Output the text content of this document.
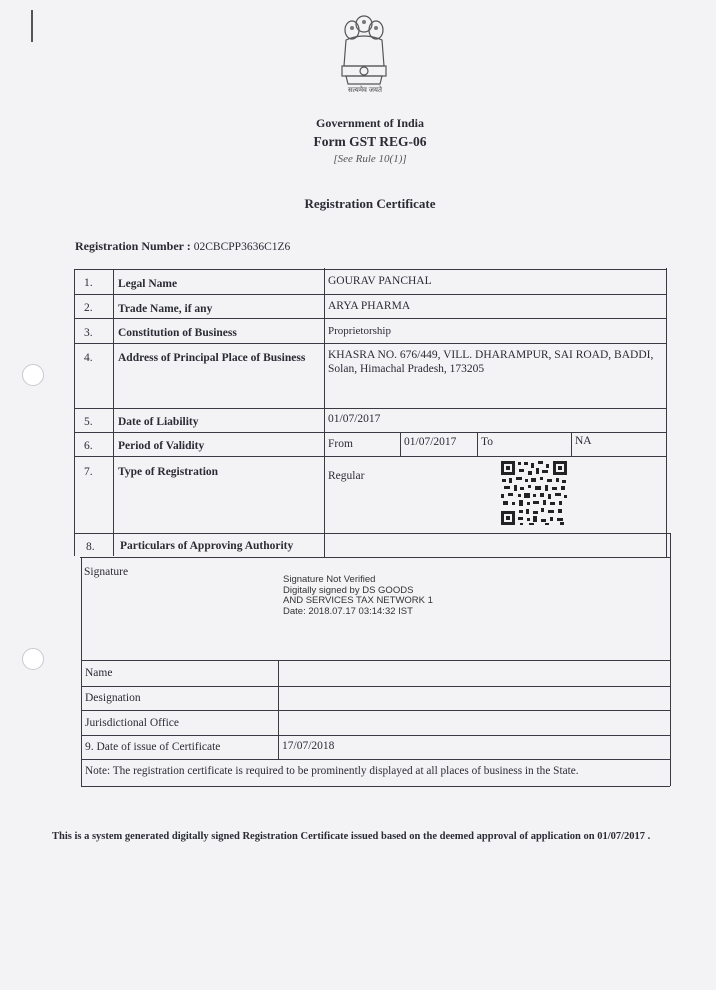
सत्यमेव जयते
Government of India
Form GST REG-06
[See Rule 10(1)]
Registration Certificate
Registration Number : 02CBCPP3636C1Z6
1. Legal Name	GOURAV PANCHAL
2. Trade Name, if any	ARYA PHARMA
3. Constitution of Business	Proprietorship
4. Address of Principal Place of Business	KHASRA NO. 676/449, VILL. DHARAMPUR, SAI ROAD, BADDI, Solan, Himachal Pradesh, 173205
5. Date of Liability	01/07/2017
6. Period of Validity	From	01/07/2017 To	NA
7. Type of Registration	Regular
8. Particulars of Approving Authority
Signature
Signature Not Verified
Digitally signed by DS GOODS
AND SERVICES TAX NETWORK 1
Date: 2018.07.17 03:14:32 IST
Name
Designation
Jurisdictional Office
9. Date of issue of Certificate	17/07/2018
Note: The registration certificate is required to be prominently displayed at all places of business in the State.
This is a system generated digitally signed Registration Certificate issued based on the deemed approval of application on 01/07/2017 .
